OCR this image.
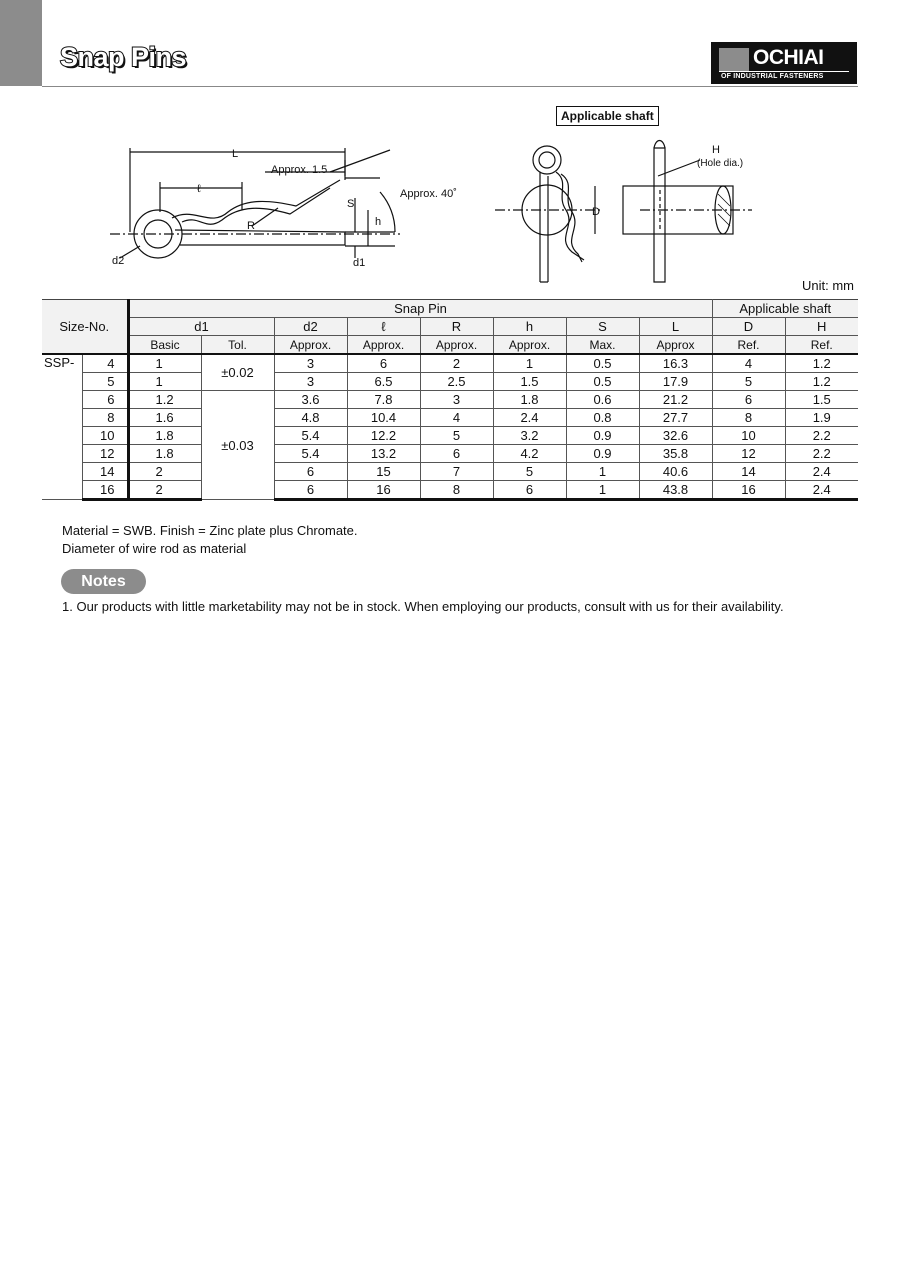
Snap Pins	OCHIAI
OF INDUSTRIAL FASTENERS
L
ℓ
Approx. 1.5
Approx. 40˚
S
h
R
d2	d1
H
(Hole dia.)
D
Applicable shaft
Unit: mm
Size-No.		Snap Pin								Applicable shaft	
		d1		d2	ℓ	R	h	S	L	D	H
		Basic	Tol.	Approx.	Approx.	Approx.	Approx.	Max.	Approx	Ref.	Ref.
SSP-	4	1	±0.02	3	6	2	1	0.5	16.3	4	1.2
	5	1		3	6.5	2.5	1.5	0.5	17.9	5	1.2
	6	1.2	±0.03	3.6	7.8	3	1.8	0.6	21.2	6	1.5
	8	1.6		4.8	10.4	4	2.4	0.8	27.7	8	1.9
	10	1.8		5.4	12.2	5	3.2	0.9	32.6	10	2.2
	12	1.8		5.4	13.2	6	4.2	0.9	35.8	12	2.2
	14	2		6	15	7	5	1	40.6	14	2.4
	16	2		6	16	8	6	1	43.8	16	2.4
Material = SWB. Finish = Zinc plate plus Chromate.
Diameter of wire rod as material
Notes
1. Our products with little marketability may not be in stock. When employing our products, consult with us for their availability.
